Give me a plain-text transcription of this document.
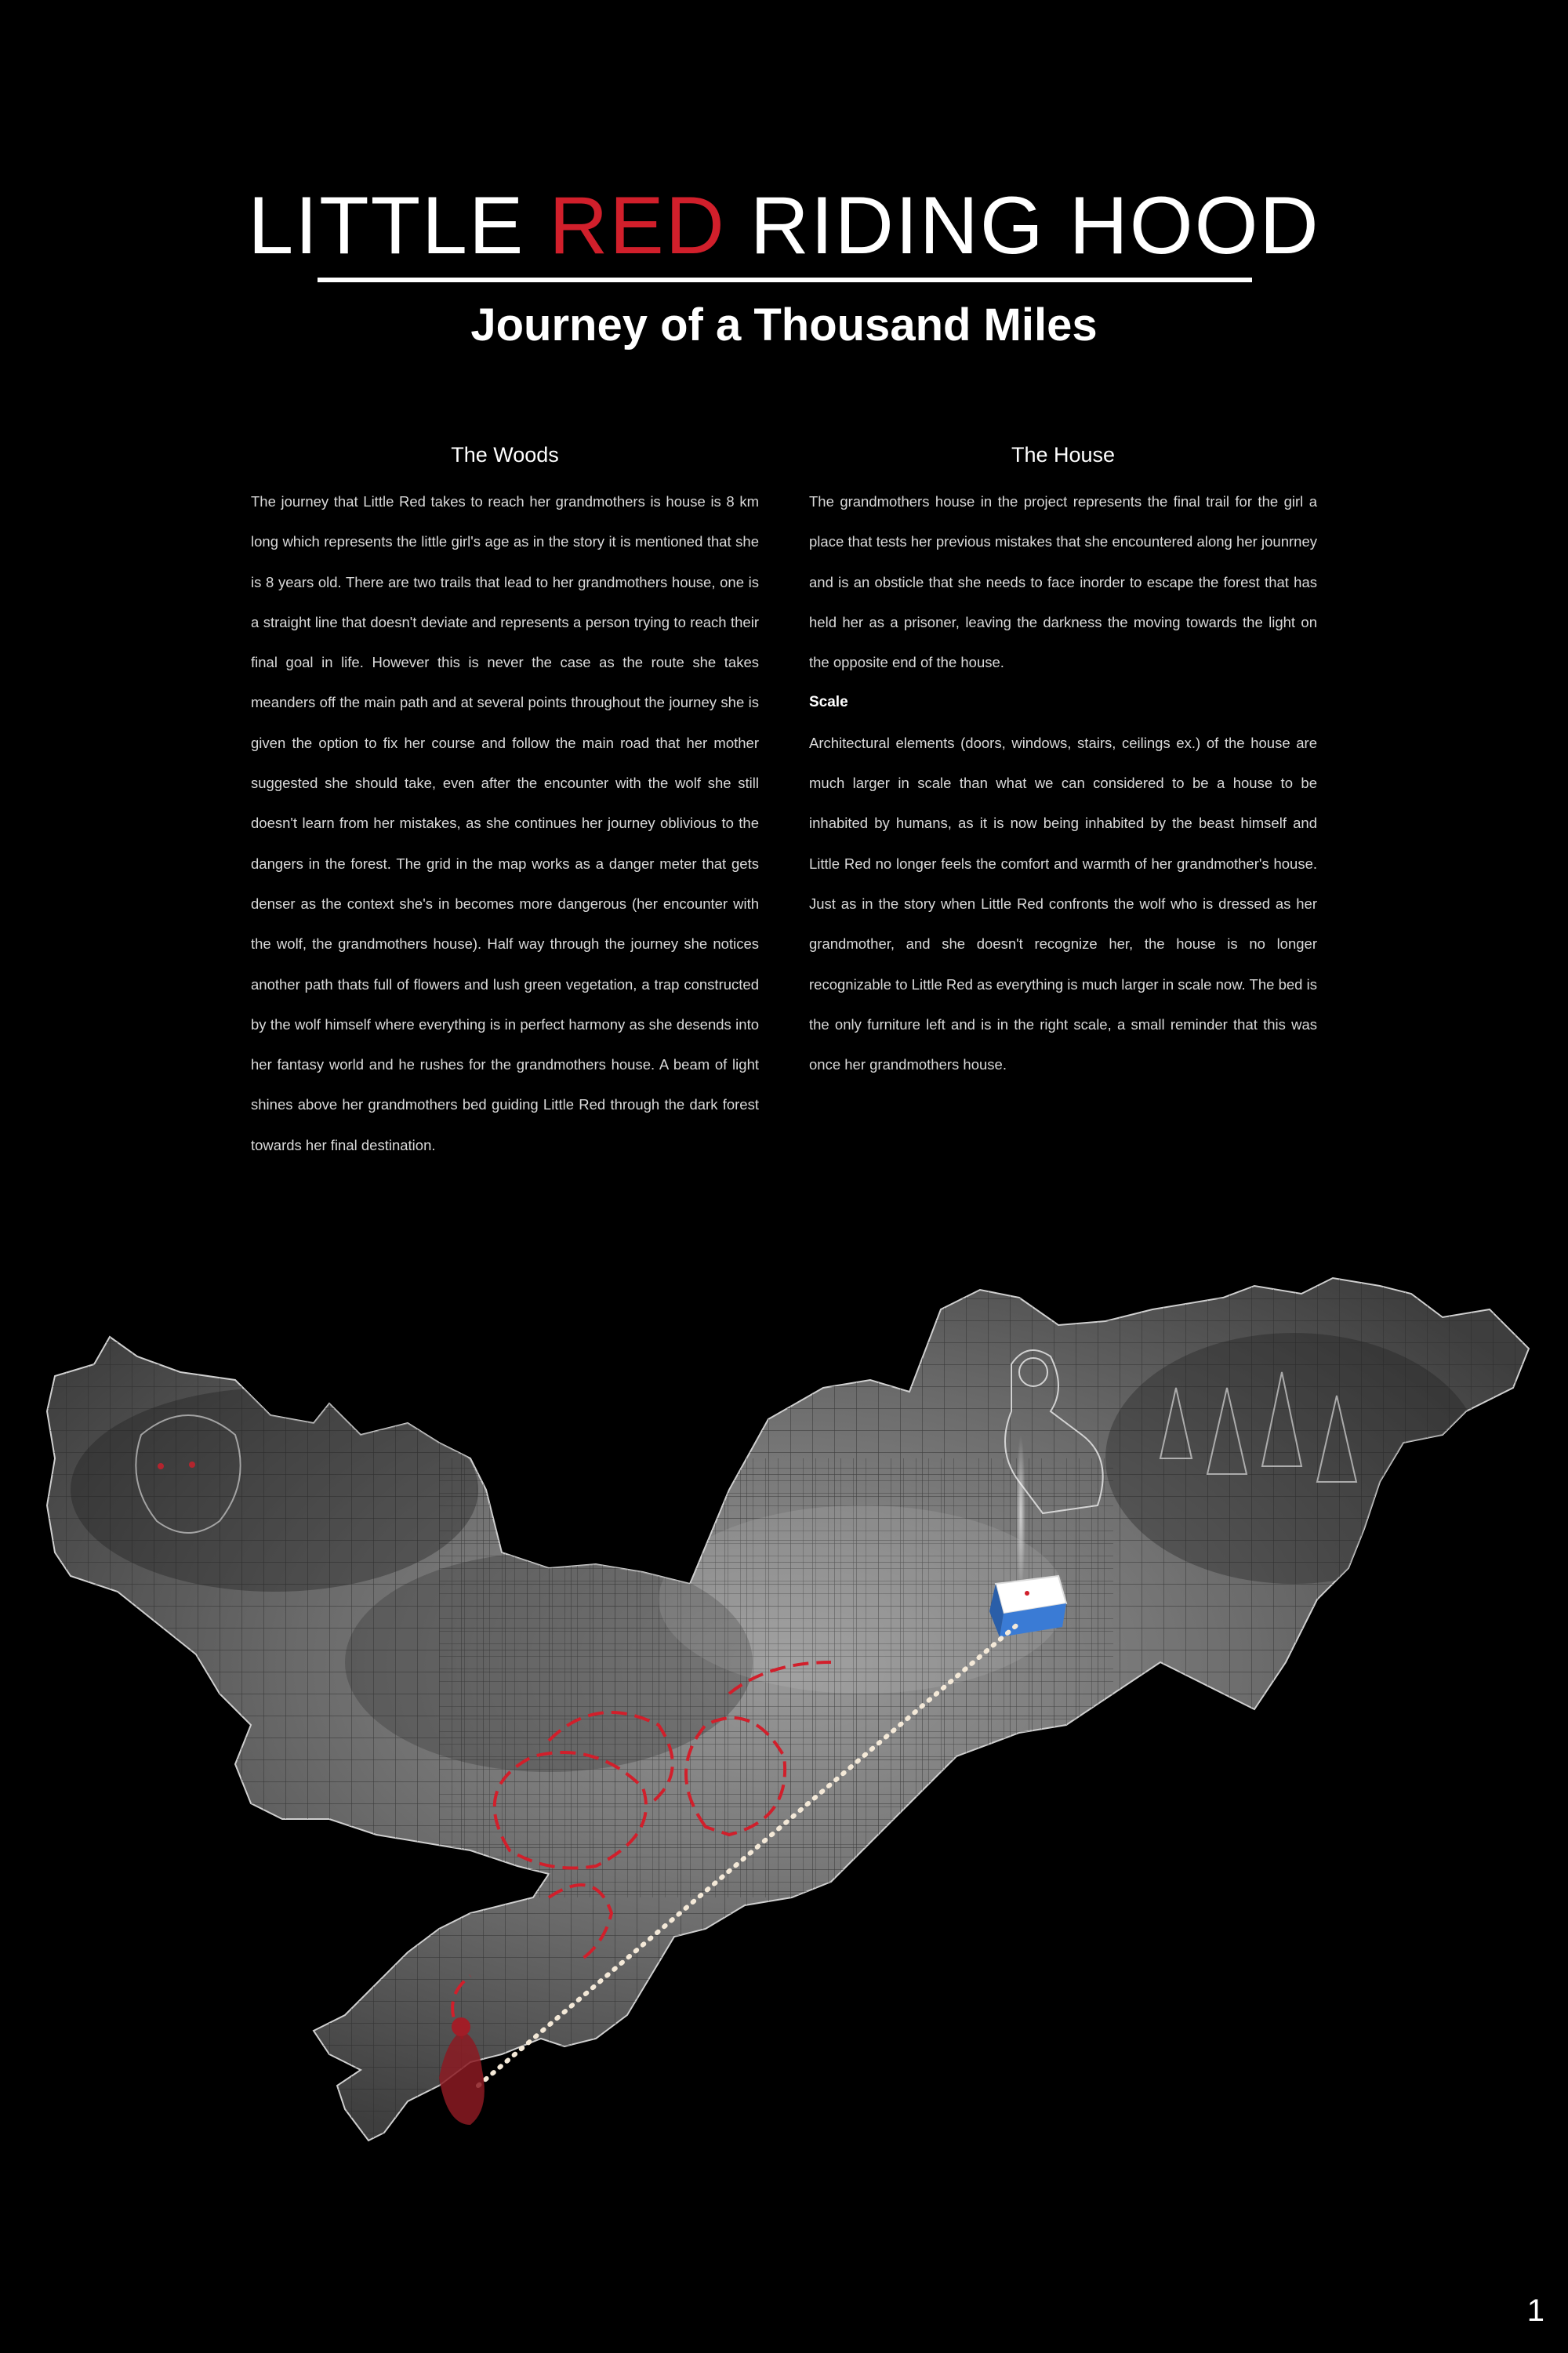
LITTLE RED RIDING HOOD
Journey of a Thousand Miles
The Woods

The journey that Little Red takes to reach her grandmothers is house is 8 km long which represents the little girl's age as in the story it is mentioned that she is 8 years old. There are two trails that lead to her grandmothers house, one is a straight line that doesn't deviate and represents a person trying to reach their final goal in life. However this is never the case as the route she takes meanders off the main path and at several points throughout the journey she is given the option to fix her course and follow the main road that her mother suggested she should take, even after the encounter with the wolf she still doesn't learn from her mistakes, as she continues her journey oblivious to the dangers in the forest. The grid in the map works as a danger meter that gets denser as the context she's in becomes more dangerous (her encounter with the wolf, the grandmothers house). Half way through the journey she notices another path thats full of flowers and lush green vegetation, a trap constructed by the wolf himself where everything is in perfect harmony as she desends into her fantasy world and he rushes for the grandmothers house. A beam of light shines above her grandmothers bed guiding Little Red through the dark forest towards her final destination.

The House

The grandmothers house in the project represents the final trail for the girl a place that tests her previous mistakes that she encountered along her jounrney and is an obsticle that she needs to face inorder to escape the forest that has held her as a prisoner, leaving the darkness the moving towards the light on the opposite end of the house.

Scale

Architectural elements (doors, windows, stairs, ceilings ex.) of the house are much larger in scale than what we can considered to be a house to be inhabited by humans, as it is now being inhabited by the beast himself and Little Red no longer feels the comfort and warmth of her grandmother's house. Just as in the story when Little Red confronts the wolf who is dressed as her grandmother, and she doesn't recognize her, the house is no longer recognizable to Little Red as everything is much larger in scale now. The bed is the only furniture left and is in the right scale, a small reminder that this was once her grandmothers house.

1
